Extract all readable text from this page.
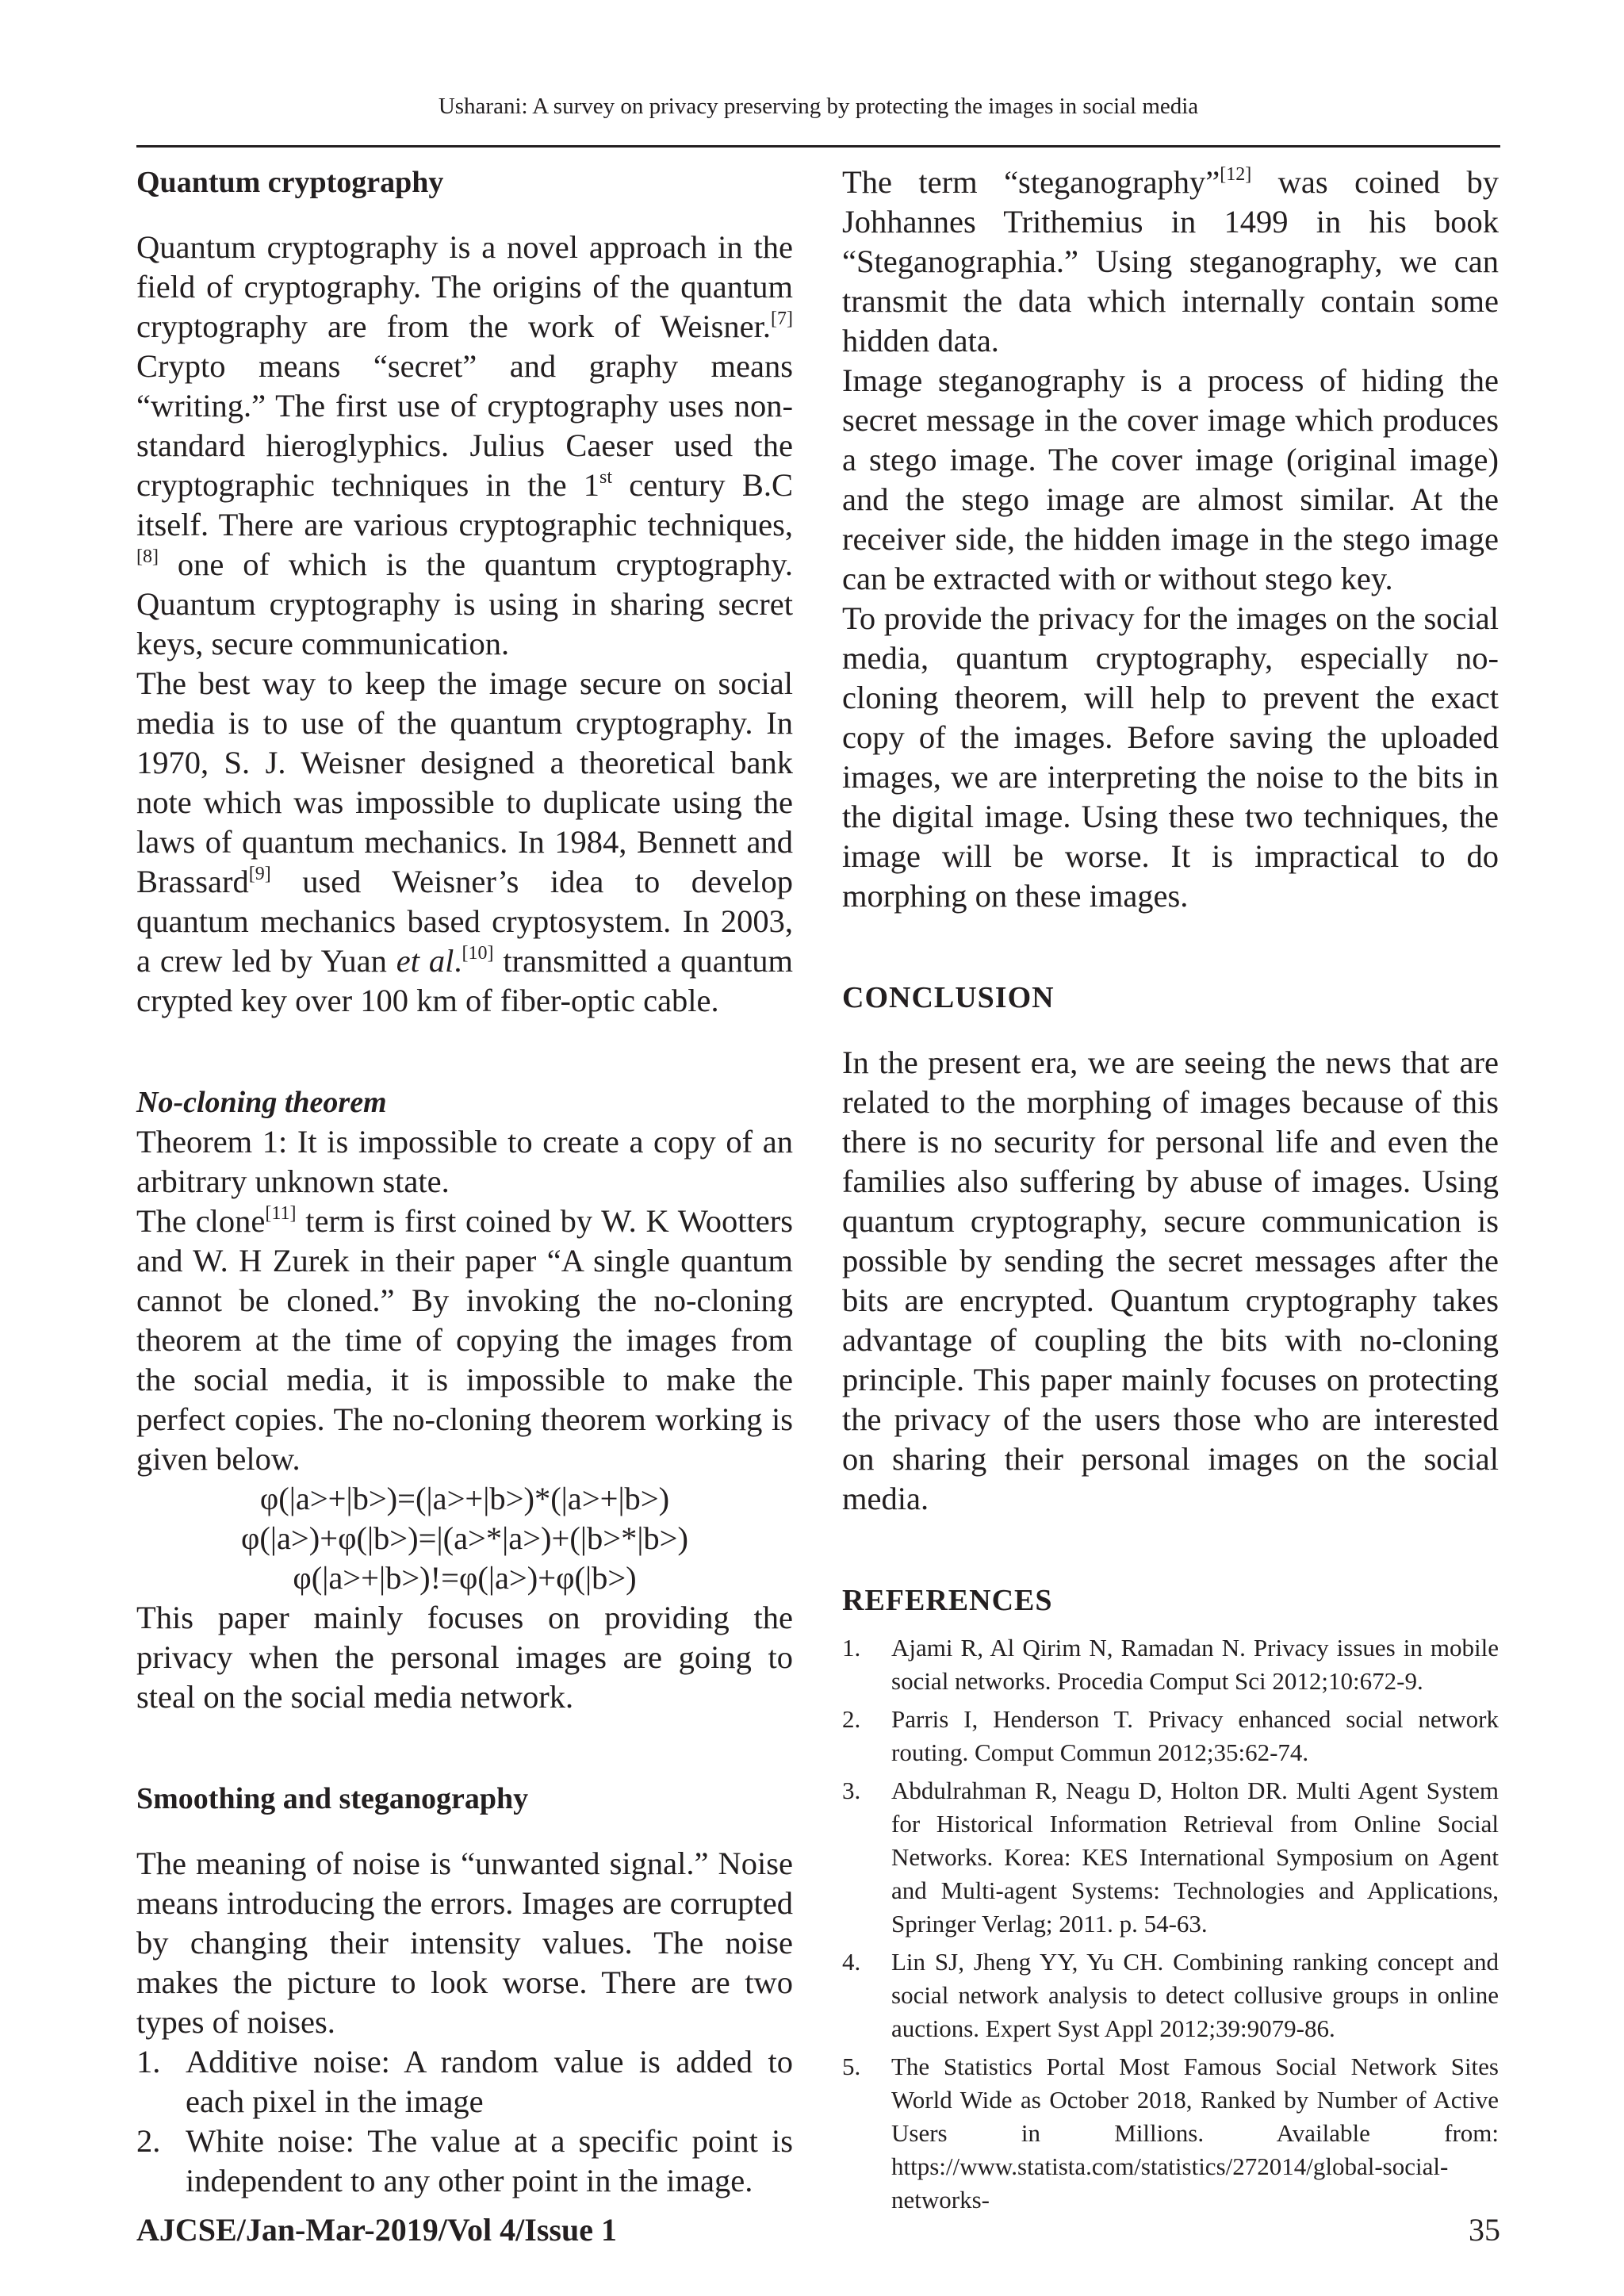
Usharani: A survey on privacy preserving by protecting the images in social media
Quantum cryptography

Quantum cryptography is a novel approach in the field of cryptography. The origins of the quantum cryptography are from the work of Weisner.[7] Crypto means “secret” and graphy means “writing.” The first use of cryptography uses non-standard hieroglyphics. Julius Caeser used the cryptographic techniques in the 1st century B.C itself. There are various cryptographic techniques,[8] one of which is the quantum cryptography. Quantum cryptography is using in sharing secret keys, secure communication.

The best way to keep the image secure on social media is to use of the quantum cryptography. In 1970, S. J. Weisner designed a theoretical bank note which was impossible to duplicate using the laws of quantum mechanics. In 1984, Bennett and Brassard[9] used Weisner’s idea to develop quantum mechanics based cryptosystem. In 2003, a crew led by Yuan et al.[10] transmitted a quantum crypted key over 100 km of fiber-optic cable.

No-cloning theorem

Theorem 1: It is impossible to create a copy of an arbitrary unknown state.

The clone[11] term is first coined by W. K Wootters and W. H Zurek in their paper “A single quantum cannot be cloned.” By invoking the no-cloning theorem at the time of copying the images from the social media, it is impossible to make the perfect copies. The no-cloning theorem working is given below.

φ(|a>+|b>)=(|a>+|b>)*(|a>+|b>)
φ(|a>)+φ(|b>)=|(a>*|a>)+(|b>*|b>)
φ(|a>+|b>)!=φ(|a>)+φ(|b>)

This paper mainly focuses on providing the privacy when the personal images are going to steal on the social media network.

Smoothing and steganography

The meaning of noise is “unwanted signal.” Noise means introducing the errors. Images are corrupted by changing their intensity values. The noise makes the picture to look worse. There are two types of noises.

1. Additive noise: A random value is added to each pixel in the image
2. White noise: The value at a specific point is independent to any other point in the image.

The term “steganography”[12] was coined by Johhannes Trithemius in 1499 in his book “Steganographia.” Using steganography, we can transmit the data which internally contain some hidden data.

Image steganography is a process of hiding the secret message in the cover image which produces a stego image. The cover image (original image) and the stego image are almost similar. At the receiver side, the hidden image in the stego image can be extracted with or without stego key.

To provide the privacy for the images on the social media, quantum cryptography, especially no-cloning theorem, will help to prevent the exact copy of the images. Before saving the uploaded images, we are interpreting the noise to the bits in the digital image. Using these two techniques, the image will be worse. It is impractical to do morphing on these images.

CONCLUSION

In the present era, we are seeing the news that are related to the morphing of images because of this there is no security for personal life and even the families also suffering by abuse of images. Using quantum cryptography, secure communication is possible by sending the secret messages after the bits are encrypted. Quantum cryptography takes advantage of coupling the bits with no-cloning principle. This paper mainly focuses on protecting the privacy of the users those who are interested on sharing their personal images on the social media.

REFERENCES
1.	Ajami R, Al Qirim N, Ramadan N. Privacy issues in mobile social networks. Procedia Comput Sci 2012;10:672-9.
2.	Parris I, Henderson T. Privacy enhanced social network routing. Comput Commun 2012;35:62-74.
3.	Abdulrahman R, Neagu D, Holton DR. Multi Agent System for Historical Information Retrieval from Online Social Networks. Korea: KES International Symposium on Agent and Multi-agent Systems: Technologies and Applications, Springer Verlag; 2011. p. 54-63.
4.	Lin SJ, Jheng YY, Yu CH. Combining ranking concept and social network analysis to detect collusive groups in online auctions. Expert Syst Appl 2012;39:9079-86.
5.	The Statistics Portal Most Famous Social Network Sites World Wide as October 2018, Ranked by Number of Active Users in Millions. Available from: https://www.statista.com/statistics/272014/global-social-networks-
AJCSE/Jan-Mar-2019/Vol 4/Issue 1	35
